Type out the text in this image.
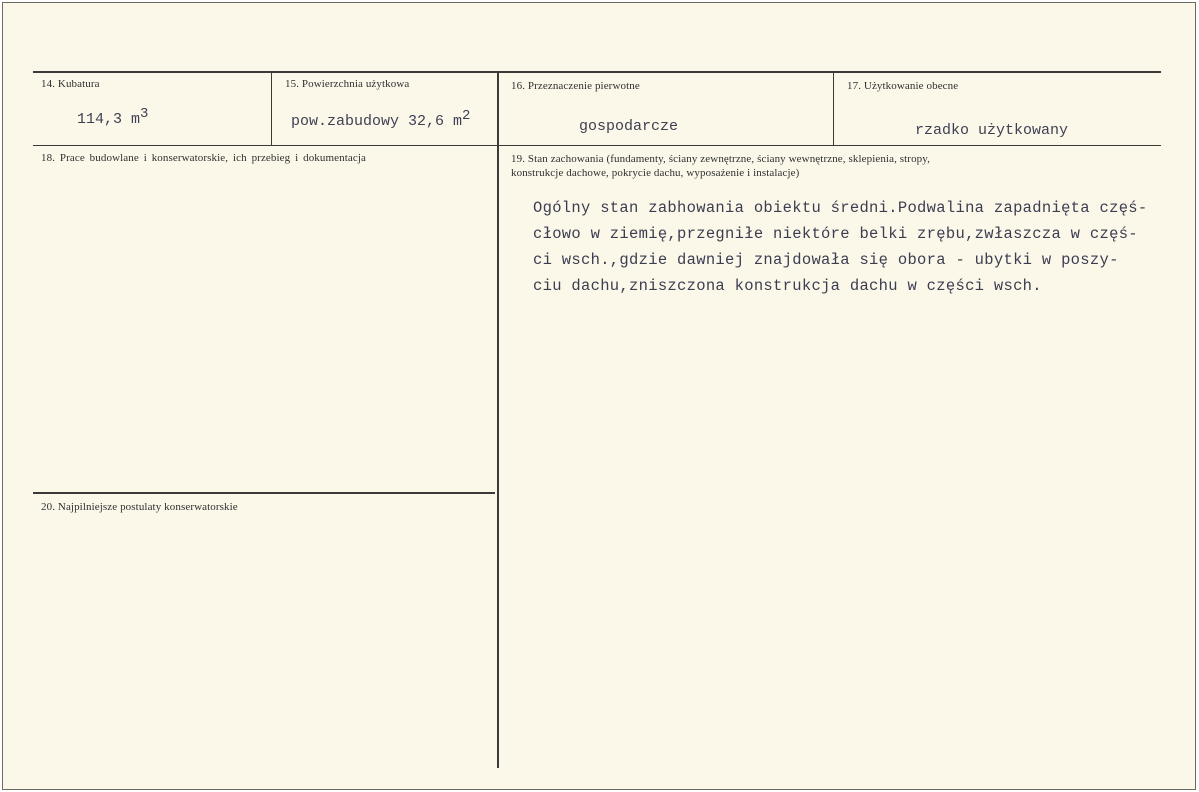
14. Kubatura
114,3 $m^3$
15. Powierzchnia użytkowa
pow.zabudowy 32,6 $m^2$
16. Przeznaczenie pierwotne
gospodarcze
17. Użytkowanie obecne
rzadko użytkowany
18. Prace budowlane i konserwatorskie, ich przebieg i dokumentacja	19. Stan zachowania (fundamenty, ściany zewnętrzne, ściany wewnętrzne, sklepienia, stropy,
konstrukcje dachowe, pokrycie dachu, wyposażenie i instalacje)
Ogólny stan zabhowania obiektu średni.Podwalina zapadnięta częś-
cłowo w ziemię,przegniłe niektóre belki zrębu,zwłaszcza w częś-
ci wsch.,gdzie dawniej znajdowała się obora - ubytki w poszy-
ciu dachu,zniszczona konstrukcja dachu w części wsch.
20. Najpilniejsze postulaty konserwatorskie
